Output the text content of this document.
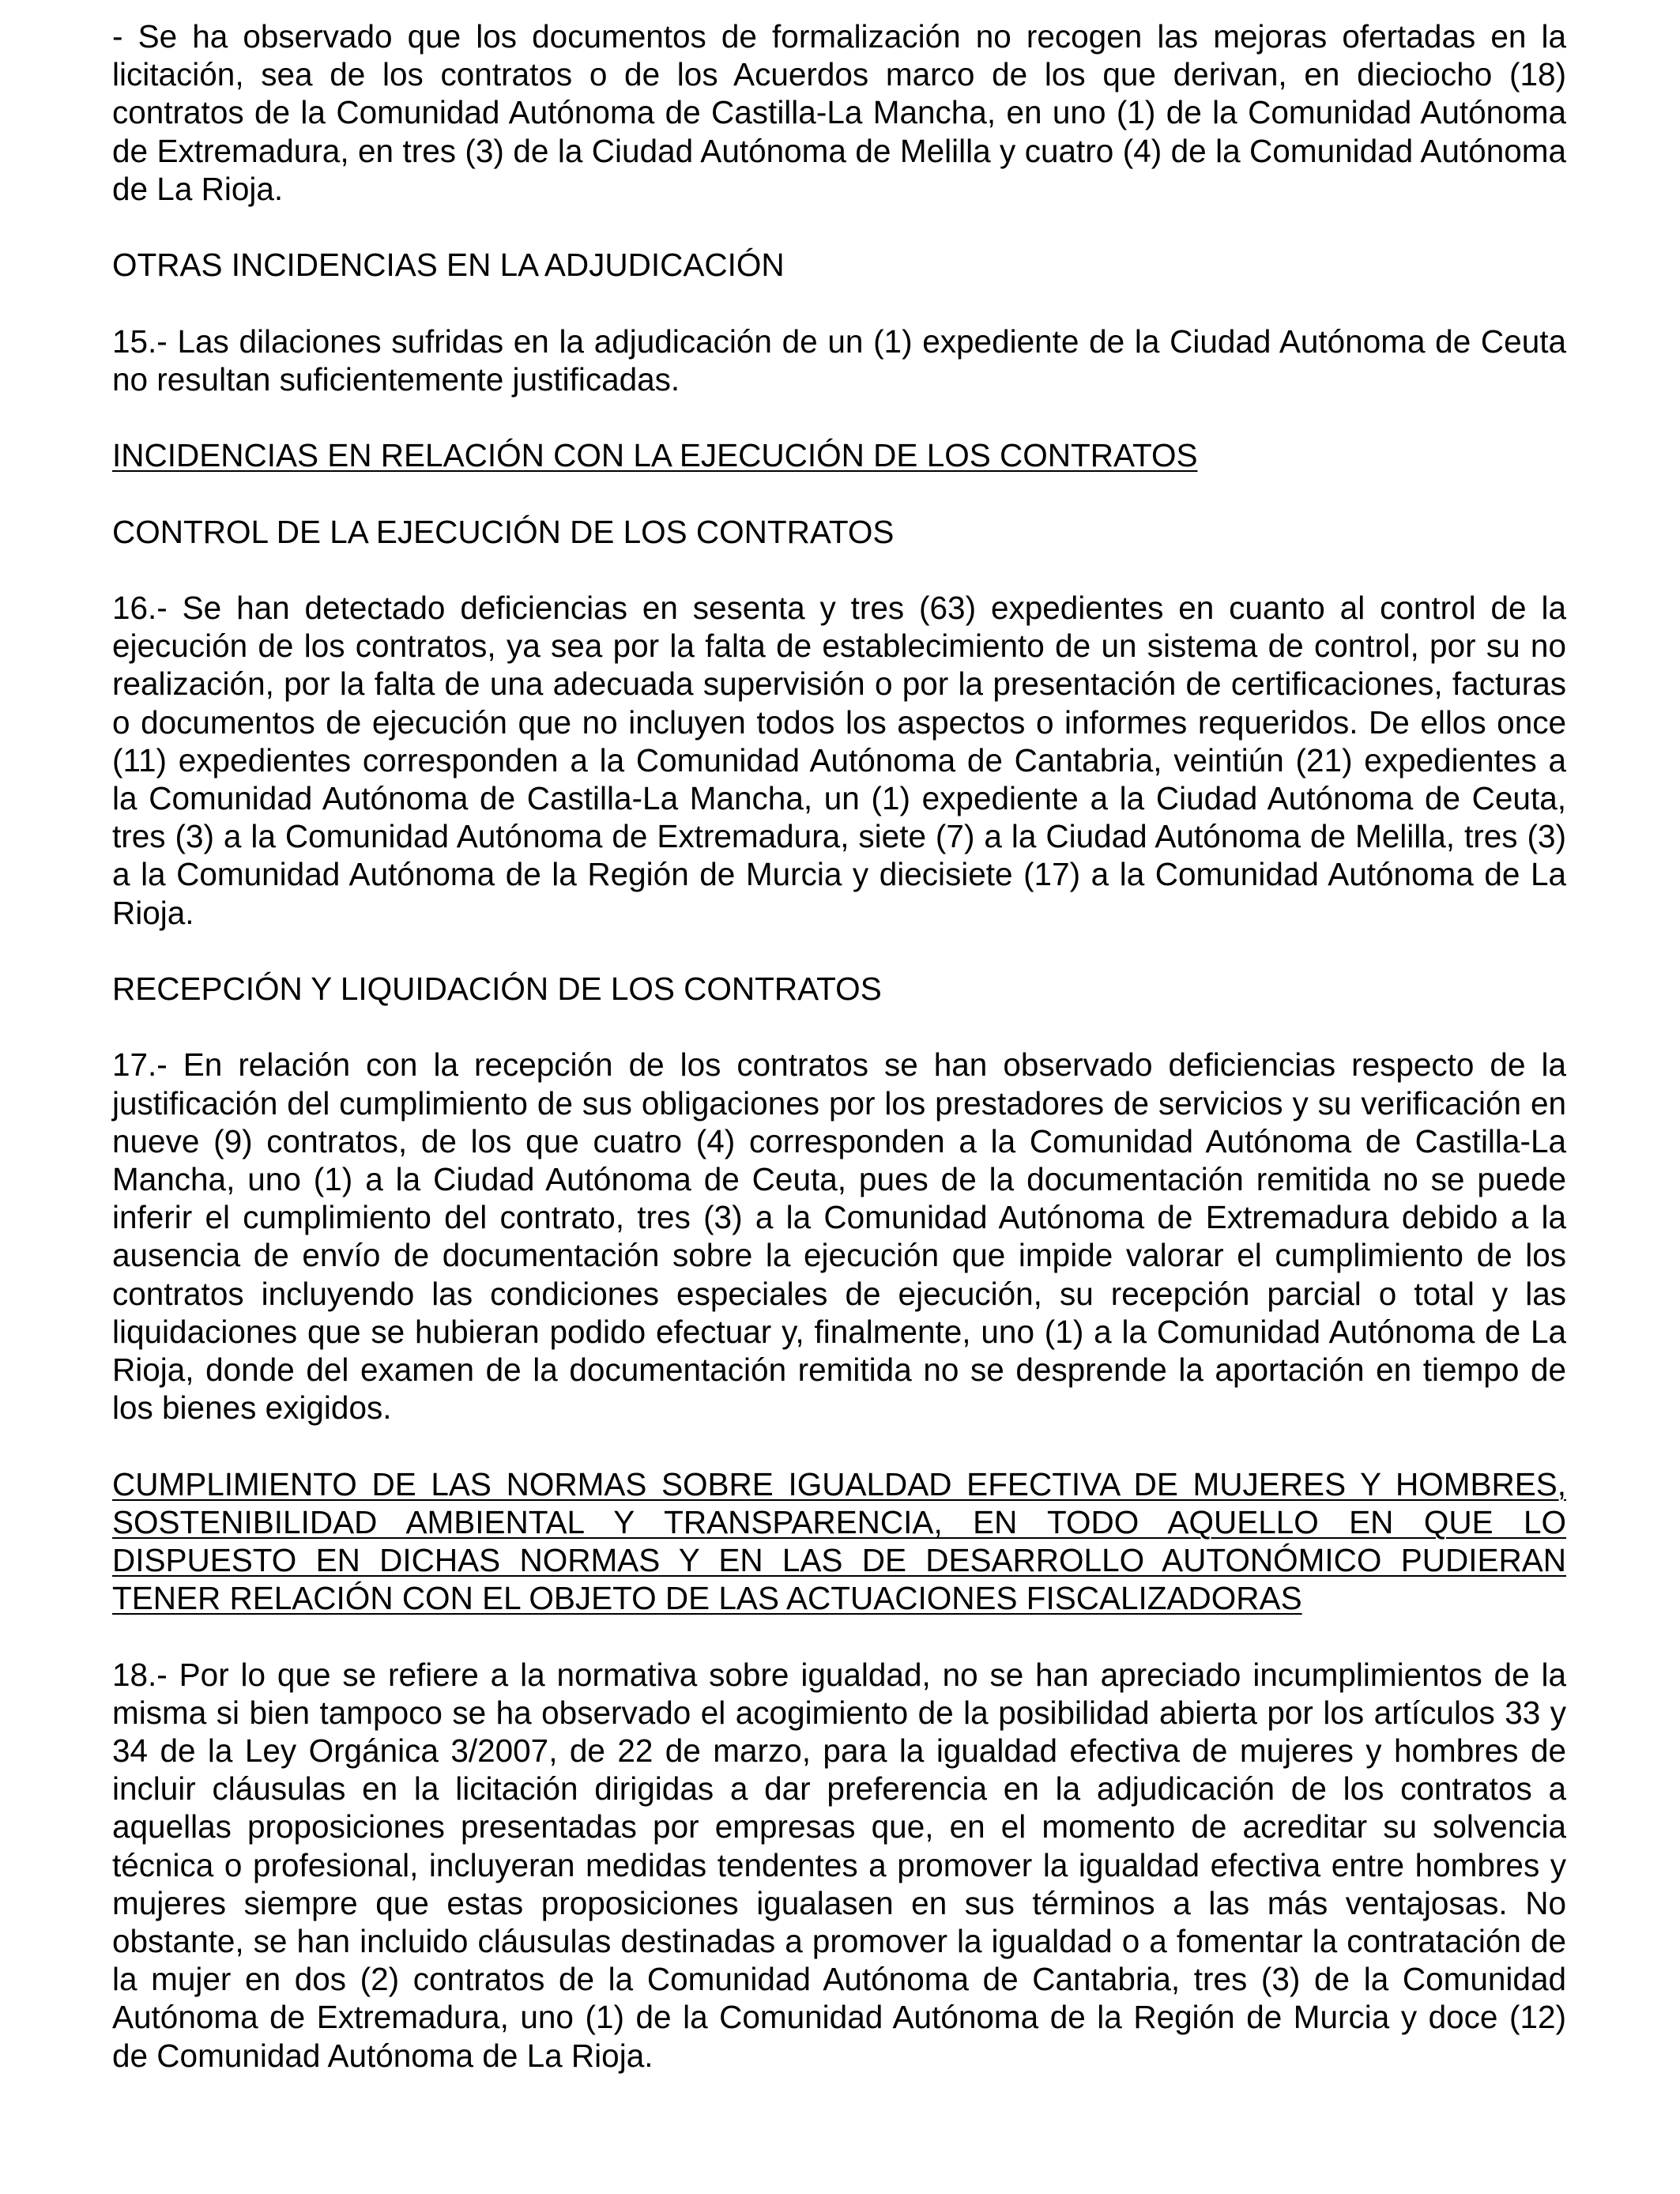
- Se ha observado que los documentos de formalización no recogen las mejoras ofertadas en la licitación, sea de los contratos o de los Acuerdos marco de los que derivan, en dieciocho (18) contratos de la Comunidad Autónoma de Castilla-La Mancha, en uno (1) de la Comunidad Autónoma de Extremadura, en tres (3) de la Ciudad Autónoma de Melilla y cuatro (4) de la Comunidad Autónoma de La Rioja.

OTRAS INCIDENCIAS EN LA ADJUDICACIÓN

15.- Las dilaciones sufridas en la adjudicación de un (1) expediente de la Ciudad Autónoma de Ceuta no resultan suficientemente justificadas.

INCIDENCIAS EN RELACIÓN CON LA EJECUCIÓN DE LOS CONTRATOS

CONTROL DE LA EJECUCIÓN DE LOS CONTRATOS

16.- Se han detectado deficiencias en sesenta y tres (63) expedientes en cuanto al control de la ejecución de los contratos, ya sea por la falta de establecimiento de un sistema de control, por su no realización, por la falta de una adecuada supervisión o por la presentación de certificaciones, facturas o documentos de ejecución que no incluyen todos los aspectos o informes requeridos. De ellos once (11) expedientes corresponden a la Comunidad Autónoma de Cantabria, veintiún (21) expedientes a la Comunidad Autónoma de Castilla-La Mancha, un (1) expediente a la Ciudad Autónoma de Ceuta, tres (3) a la Comunidad Autónoma de Extremadura, siete (7) a la Ciudad Autónoma de Melilla, tres (3) a la Comunidad Autónoma de la Región de Murcia y diecisiete (17) a la Comunidad Autónoma de La Rioja.

RECEPCIÓN Y LIQUIDACIÓN DE LOS CONTRATOS

17.- En relación con la recepción de los contratos se han observado deficiencias respecto de la justificación del cumplimiento de sus obligaciones por los prestadores de servicios y su verificación en nueve (9) contratos, de los que cuatro (4) corresponden a la Comunidad Autónoma de Castilla-La Mancha, uno (1) a la Ciudad Autónoma de Ceuta, pues de la documentación remitida no se puede inferir el cumplimiento del contrato, tres (3) a la Comunidad Autónoma de Extremadura debido a la ausencia de envío de documentación sobre la ejecución que impide valorar el cumplimiento de los contratos incluyendo las condiciones especiales de ejecución, su recepción parcial o total y las liquidaciones que se hubieran podido efectuar y, finalmente, uno (1) a la Comunidad Autónoma de La Rioja, donde del examen de la documentación remitida no se desprende la aportación en tiempo de los bienes exigidos.

CUMPLIMIENTO DE LAS NORMAS SOBRE IGUALDAD EFECTIVA DE MUJERES Y HOMBRES, SOSTENIBILIDAD AMBIENTAL Y TRANSPARENCIA, EN TODO AQUELLO EN QUE LO DISPUESTO EN DICHAS NORMAS Y EN LAS DE DESARROLLO AUTONÓMICO PUDIERAN TENER RELACIÓN CON EL OBJETO DE LAS ACTUACIONES FISCALIZADORAS

18.- Por lo que se refiere a la normativa sobre igualdad, no se han apreciado incumplimientos de la misma si bien tampoco se ha observado el acogimiento de la posibilidad abierta por los artículos 33 y 34 de la Ley Orgánica 3/2007, de 22 de marzo, para la igualdad efectiva de mujeres y hombres de incluir cláusulas en la licitación dirigidas a dar preferencia en la adjudicación de los contratos a aquellas proposiciones presentadas por empresas que, en el momento de acreditar su solvencia técnica o profesional, incluyeran medidas tendentes a promover la igualdad efectiva entre hombres y mujeres siempre que estas proposiciones igualasen en sus términos a las más ventajosas. No obstante, se han incluido cláusulas destinadas a promover la igualdad o a fomentar la contratación de la mujer en dos (2) contratos de la Comunidad Autónoma de Cantabria, tres (3) de la Comunidad Autónoma de Extremadura, uno (1) de la Comunidad Autónoma de la Región de Murcia y doce (12) de Comunidad Autónoma de La Rioja.
